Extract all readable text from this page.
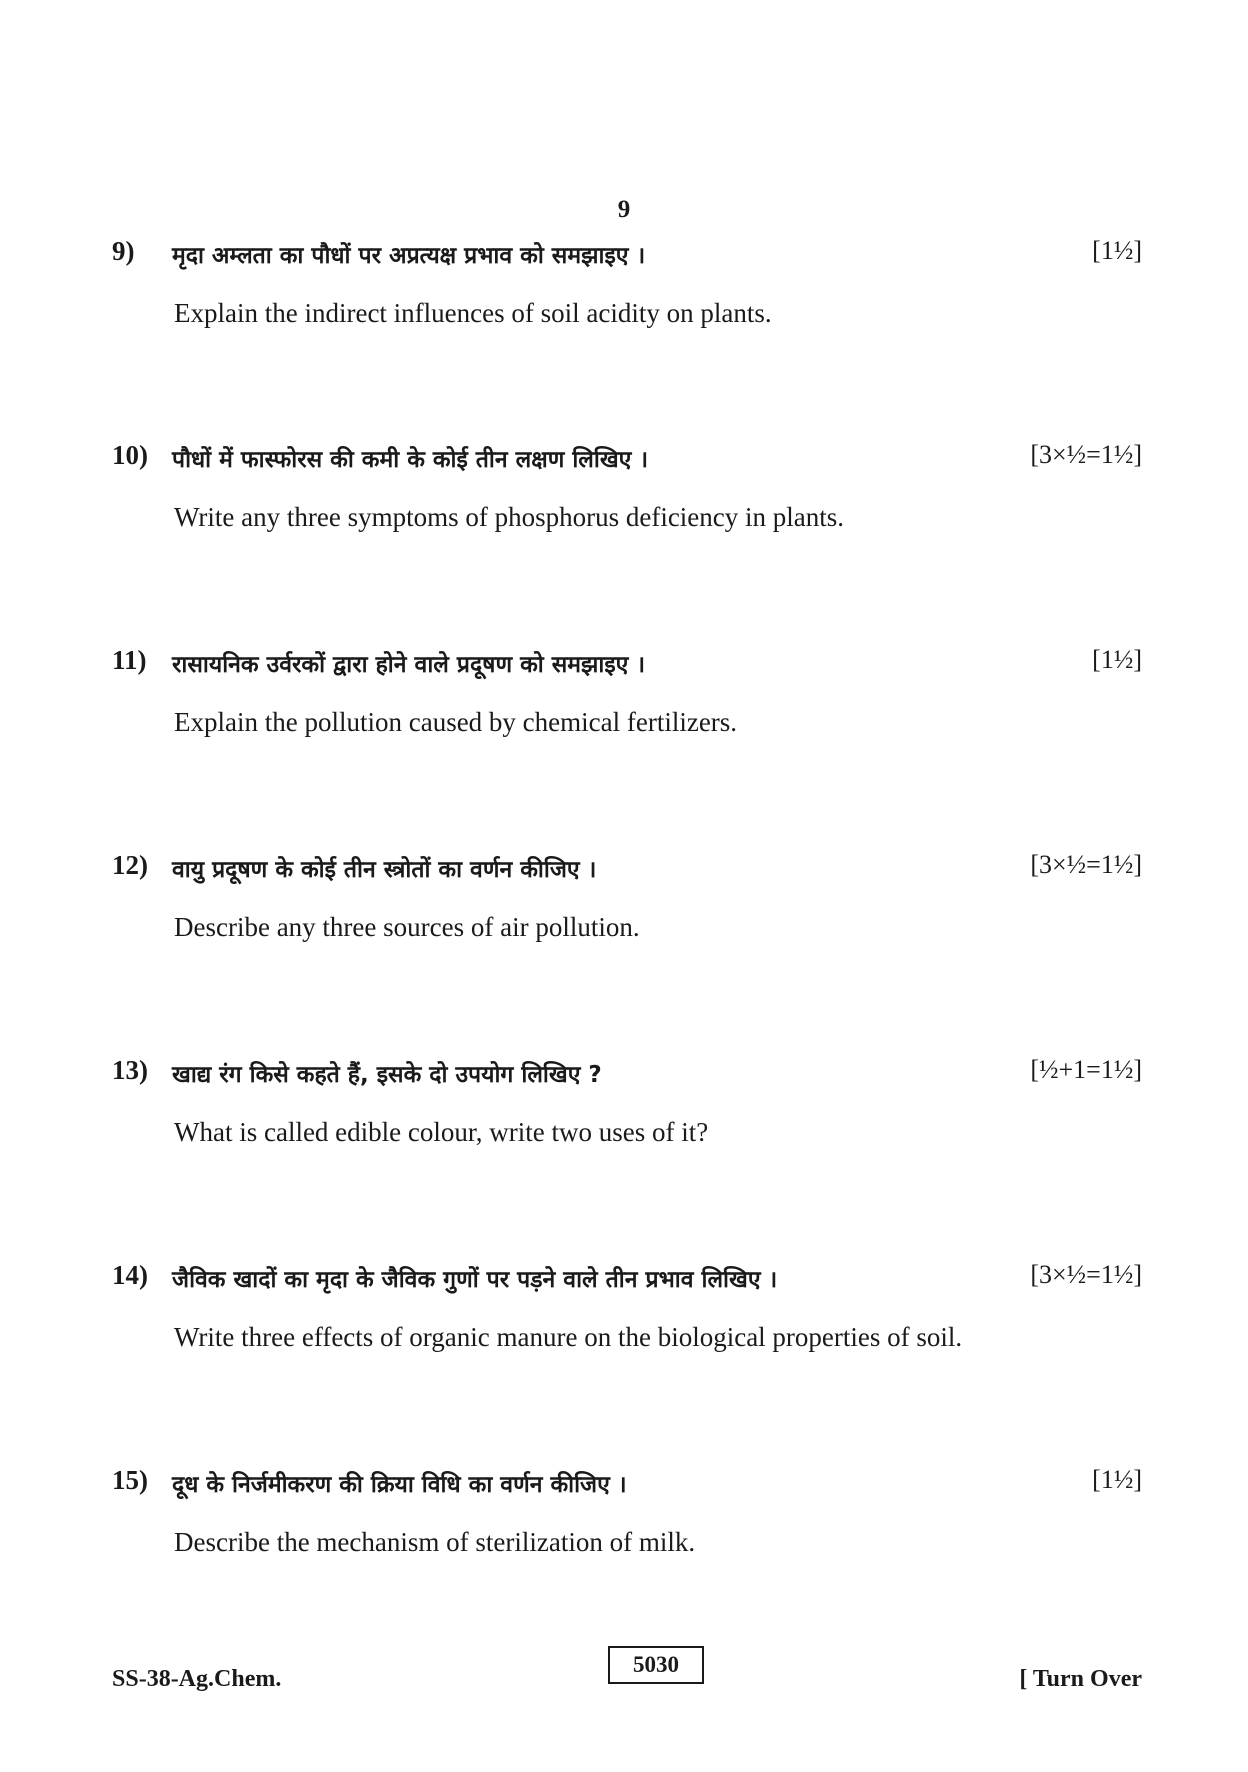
9
9) मृदा अम्लता का पौधों पर अप्रत्यक्ष प्रभाव को समझाइए ।	[1½]
Explain the indirect influences of soil acidity on plants.
10) पौधों में फास्फोरस की कमी के कोई तीन लक्षण लिखिए ।	[3×½=1½]
Write any three symptoms of phosphorus deficiency in plants.
11) रासायनिक उर्वरकों द्वारा होने वाले प्रदूषण को समझाइए ।	[1½]
Explain the pollution caused by chemical fertilizers.
12) वायु प्रदूषण के कोई तीन स्त्रोतों का वर्णन कीजिए ।	[3×½=1½]
Describe any three sources of air pollution.
13) खाद्य रंग किसे कहते हैं, इसके दो उपयोग लिखिए ?	[½+1=1½]
What is called edible colour, write two uses of it?
14) जैविक खादों का मृदा के जैविक गुणों पर पड़ने वाले तीन प्रभाव लिखिए ।	[3×½=1½]
Write three effects of organic manure on the biological properties of soil.
15) दूध के निर्जमीकरण की क्रिया विधि का वर्णन कीजिए ।	[1½]
Describe the mechanism of sterilization of milk.
SS-38-Ag.Chem.
5030
[ Turn Over
